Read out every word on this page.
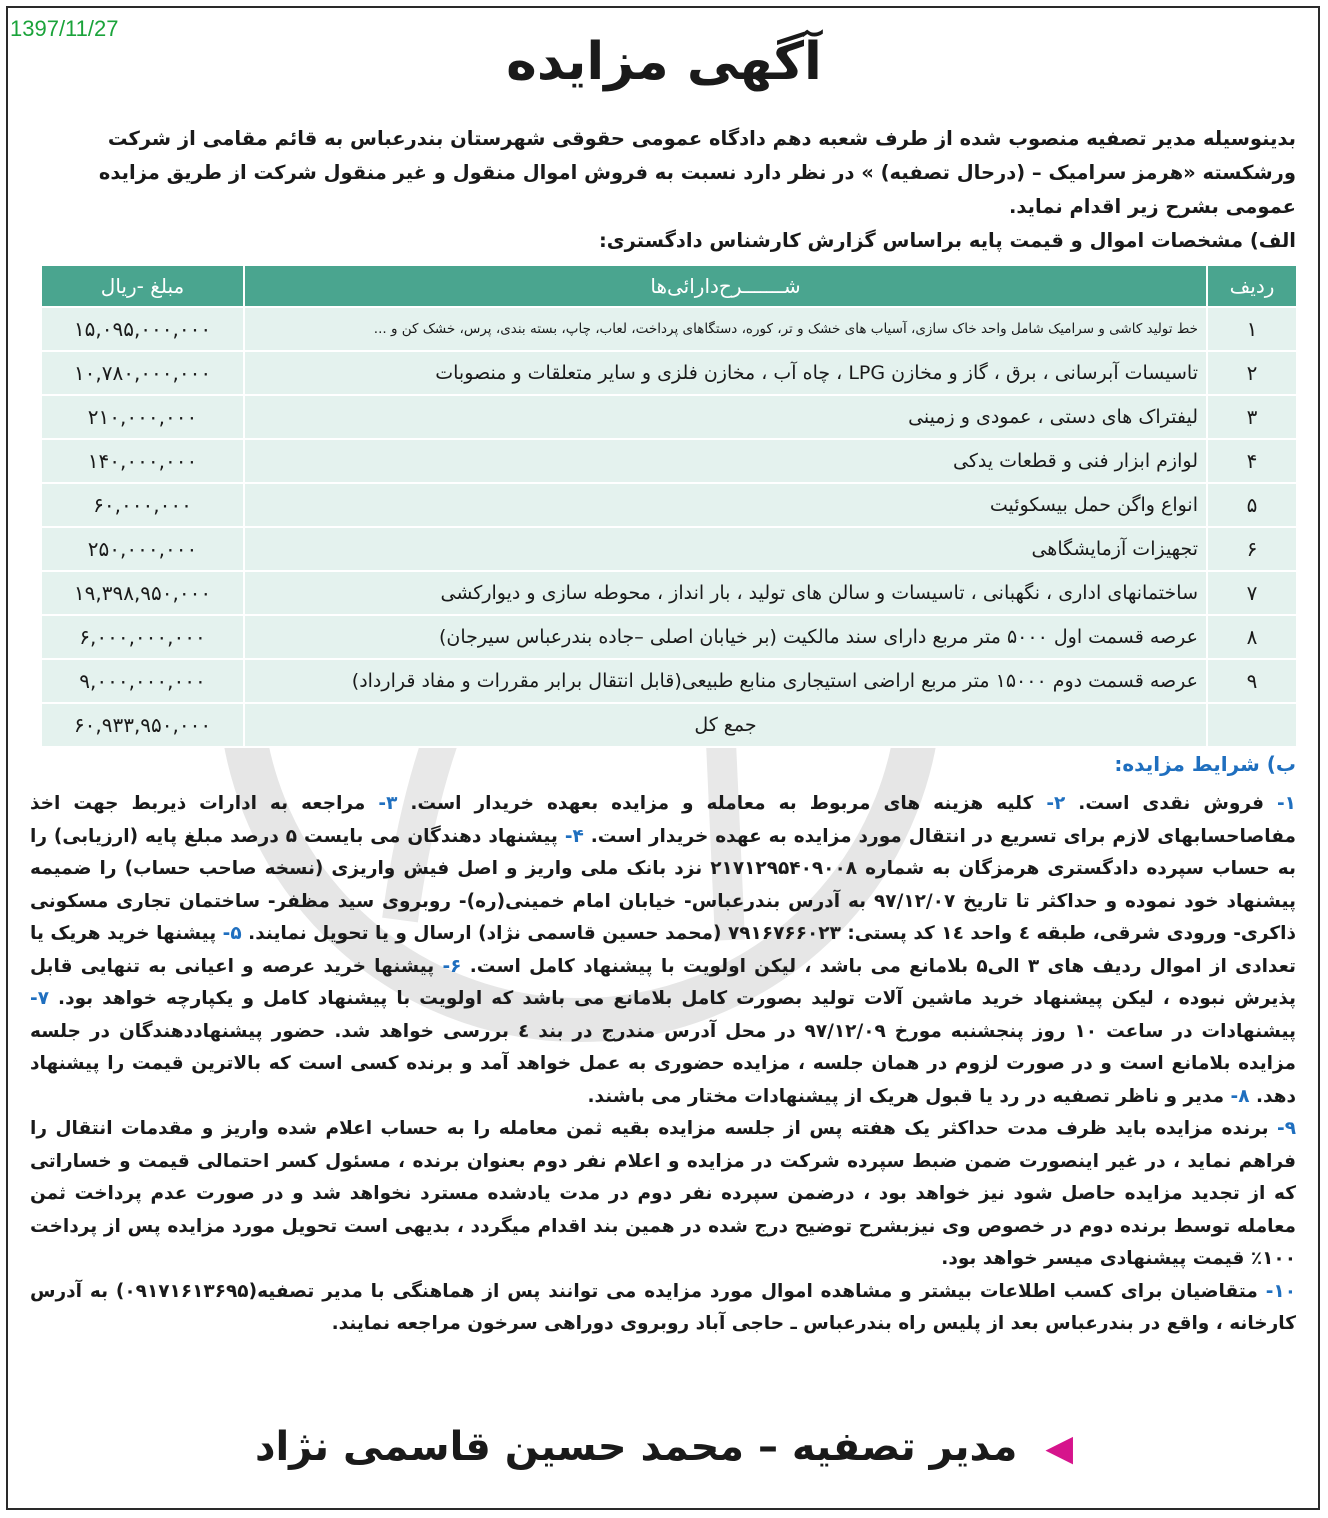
1397/11/27
آگهی مزایده
بدینوسیله مدیر تصفیه منصوب شده از طرف شعبه دهم دادگاه عمومی حقوقی شهرستان بندرعباس به قائم مقامی از شرکت ورشکسته «هرمز سرامیک – (درحال تصفیه) » در نظر دارد نسبت به فروش اموال منقول و غیر منقول شرکت از طریق مزایده عمومی بشرح زیر اقدام نماید.
الف) مشخصات اموال و قیمت پایه براساس گزارش کارشناس دادگستری:
ردیف	شـــــــرح‌دارائی‌ها	مبلغ -ریال
۱	خط تولید کاشی و سرامیک شامل واحد خاک سازی، آسیاب های خشک و تر، کوره، دستگاهای پرداخت، لعاب، چاپ، بسته بندی، پرس، خشک کن و ...	۱۵,۰۹۵,۰۰۰,۰۰۰
۲	تاسیسات آبرسانی ، برق ، گاز و مخازن LPG ، چاه آب ، مخازن فلزی و سایر متعلقات و منصوبات	۱۰,۷۸۰,۰۰۰,۰۰۰
۳	لیفتراک های دستی ، عمودی و زمینی	۲۱۰,۰۰۰,۰۰۰
۴	لوازم ابزار فنی و قطعات یدکی	۱۴۰,۰۰۰,۰۰۰
۵	انواع واگن حمل بیسکوئیت	۶۰,۰۰۰,۰۰۰
۶	تجهیزات آزمایشگاهی	۲۵۰,۰۰۰,۰۰۰
۷	ساختمانهای اداری ، نگهبانی ، تاسیسات و سالن های تولید ، بار انداز ، محوطه سازی و دیوارکشی	۱۹,۳۹۸,۹۵۰,۰۰۰
۸	عرصه قسمت اول ۵۰۰۰ متر مربع دارای سند مالکیت (بر خیابان اصلی –جاده بندرعباس سیرجان)	۶,۰۰۰,۰۰۰,۰۰۰
۹	عرصه قسمت دوم ۱۵۰۰۰ متر مربع اراضی استیجاری منابع طبیعی(قابل انتقال برابر مقررات و مفاد قرارداد)	۹,۰۰۰,۰۰۰,۰۰۰
	جمع کل	۶۰,۹۳۳,۹۵۰,۰۰۰
ب) شرایط مزایده:
۱- فروش نقدی است. ۲- کلیه هزینه های مربوط به معامله و مزایده بعهده خریدار است. ۳- مراجعه به ادارات ذیربط جهت اخذ مفاصاحسابهای لازم برای تسریع در انتقال مورد مزایده به عهده خریدار است. ۴- پیشنهاد دهندگان می بایست ۵ درصد مبلغ پایه (ارزیابی) را به حساب سپرده دادگستری هرمزگان به شماره ۲۱۷۱۲۹۵۴۰۹۰۰۸ نزد بانک ملی واریز و اصل فیش واریزی (نسخه صاحب حساب) را ضمیمه پیشنهاد خود نموده و حداکثر تا تاریخ ۹۷/۱۲/۰۷ به آدرس بندرعباس- خیابان امام خمینی(ره)- روبروی سید مظفر- ساختمان تجاری مسکونی ذاکری- ورودی شرقی، طبقه ٤ واحد ١٤ کد پستی: ۷۹۱۶۷۶۶۰۲۳ (محمد حسین قاسمی نژاد) ارسال و یا تحویل نمایند. ۵- پیشنها خرید هریک یا تعدادی از اموال ردیف های ۳ الی۵ بلامانع می باشد ، لیکن اولویت با پیشنهاد کامل است. ۶- پیشنها خرید عرصه و اعیانی به تنهایی قابل پذیرش نبوده ، لیکن پیشنهاد خرید ماشین آلات تولید بصورت کامل بلامانع می باشد که اولویت با پیشنهاد کامل و یکپارچه خواهد بود. ۷- پیشنهادات در ساعت ۱۰ روز پنجشنبه مورخ ۹۷/۱۲/۰۹ در محل آدرس مندرج در بند ٤ بررسی خواهد شد. حضور پیشنهاددهندگان در جلسه مزایده بلامانع است و در صورت لزوم در همان جلسه ، مزایده حضوری به عمل خواهد آمد و برنده کسی است که بالاترین قیمت را پیشنهاد دهد. ۸- مدیر و ناظر تصفیه در رد یا قبول هریک از پیشنهادات مختار می باشند.
۹- برنده مزایده باید ظرف مدت حداکثر یک هفته پس از جلسه مزایده بقیه ثمن معامله را به حساب اعلام شده واریز و مقدمات انتقال را فراهم نماید ، در غیر اینصورت ضمن ضبط سپرده شرکت در مزایده و اعلام نفر دوم بعنوان برنده ، مسئول کسر احتمالی قیمت و خساراتی که از تجدید مزایده حاصل شود نیز خواهد بود ، درضمن سپرده نفر دوم در مدت یادشده مسترد نخواهد شد و در صورت عدم پرداخت ثمن معامله توسط برنده دوم در خصوص وی نیزبشرح توضیح درج شده در همین بند اقدام میگردد ، بدیهی است تحویل مورد مزایده پس از پرداخت ۱۰۰٪ قیمت پیشنهادی میسر خواهد بود.
۱۰- متقاضیان برای کسب اطلاعات بیشتر و مشاهده اموال مورد مزایده می توانند پس از هماهنگی با مدیر تصفیه(۰۹۱۷۱۶۱۳۶۹۵) به آدرس کارخانه ، واقع در بندرعباس بعد از پلیس راه بندرعباس ـ حاجی آباد روبروی دوراهی سرخون مراجعه نمایند.
◀ مدیر تصفیه – محمد حسین قاسمی نژاد
